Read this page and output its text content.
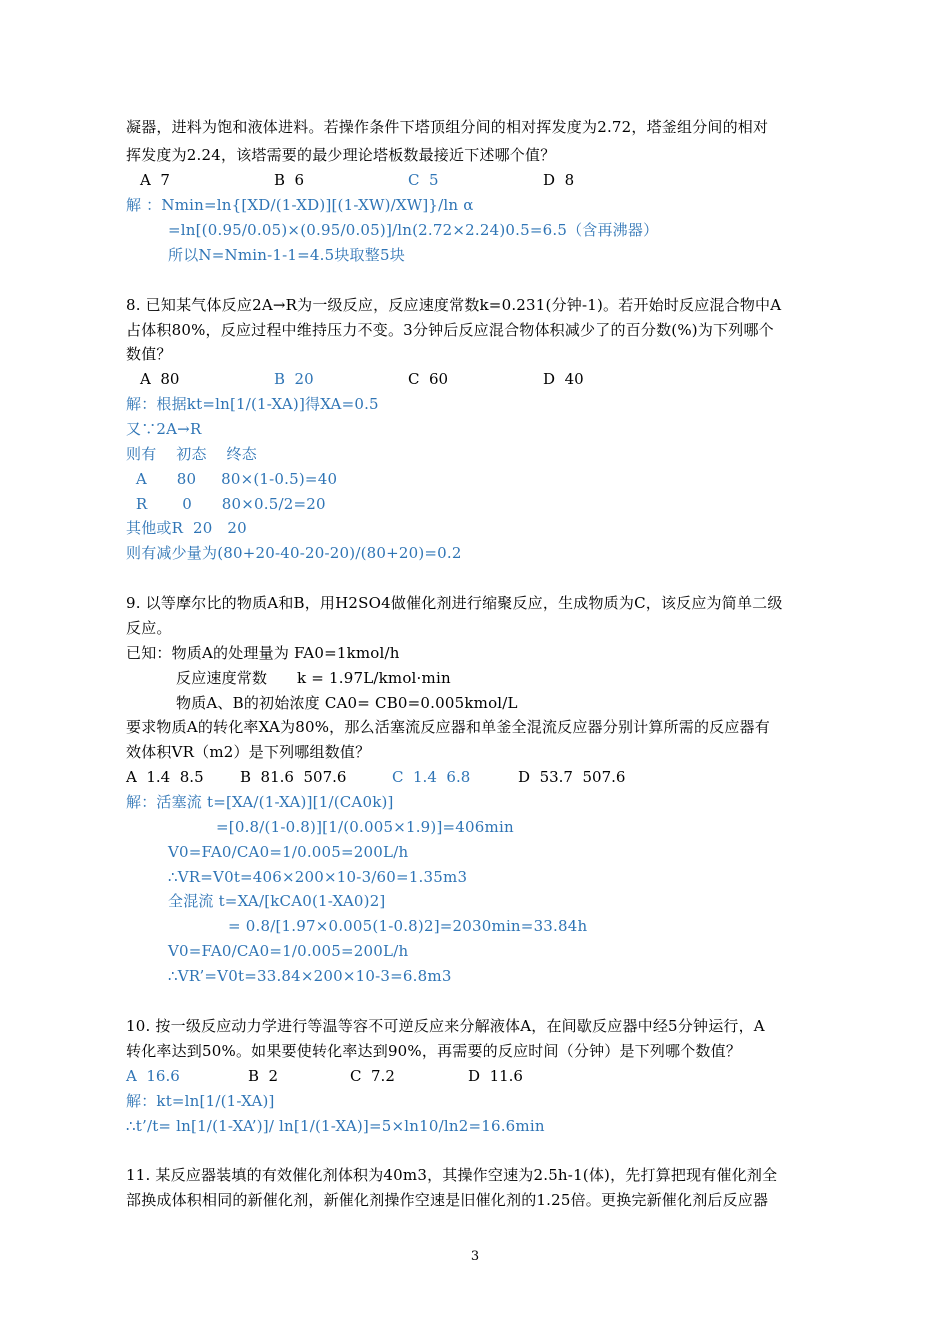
凝器，进料为饱和液体进料。若操作条件下塔顶组分间的相对挥发度为2.72，塔釜组分间的相对
挥发度为2.24，该塔需要的最少理论塔板数最接近下述哪个值？
A  7	B  6	C  5	D  8
解 ：Nmin=ln{[XD/(1-XD)][(1-XW)/XW]}/ln α
=ln[(0.95/0.05)×(0.95/0.05)]/ln(2.72×2.24)0.5=6.5（含再沸器）
所以N=Nmin-1-1=4.5块取整5块
8. 已知某气体反应2A→R为一级反应，反应速度常数k=0.231(分钟-1)。若开始时反应混合物中A
占体积80%，反应过程中维持压力不变。3分钟后反应混合物体积减少了的百分数(%)为下列哪个
数值？
A  80	B  20	C  60	D  40
解：根据kt=ln[1/(1-XA)]得XA=0.5
又∵2A→R
则有    初态    终态
A      80     80×(1-0.5)=40
R       0      80×0.5/2=20
其他或R  20   20
则有减少量为(80+20-40-20-20)/(80+20)=0.2
9. 以等摩尔比的物质A和B，用H2SO4做催化剂进行缩聚反应，生成物质为C，该反应为简单二级
反应。
已知：物质A的处理量为 FA0=1kmol/h
反应速度常数      k = 1.97L/kmol·min
物质A、B的初始浓度 CA0= CB0=0.005kmol/L
要求物质A的转化率XA为80%，那么活塞流反应器和单釜全混流反应器分别计算所需的反应器有
效体积VR（m2）是下列哪组数值？
A  1.4  8.5 B  81.6  507.6	C  1.4  6.8	D  53.7  507.6
解：活塞流 t=[XA/(1-XA)][1/(CA0k)]
=[0.8/(1-0.8)][1/(0.005×1.9)]=406min
V0=FA0/CA0=1/0.005=200L/h
∴VR=V0t=406×200×10-3/60=1.35m3
全混流 t=XA/[kCA0(1-XA0)2]
= 0.8/[1.97×0.005(1-0.8)2]=2030min=33.84h
V0=FA0/CA0=1/0.005=200L/h
∴VR’=V0t=33.84×200×10-3=6.8m3
10. 按一级反应动力学进行等温等容不可逆反应来分解液体A，在间歇反应器中经5分钟运行，A
转化率达到50%。如果要使转化率达到90%，再需要的反应时间（分钟）是下列哪个数值？
A  16.6	B  2	C  7.2	D  11.6
解：kt=ln[1/(1-XA)]
∴t’/t= ln[1/(1-XA’)]/ ln[1/(1-XA)]=5×ln10/ln2=16.6min
11. 某反应器装填的有效催化剂体积为40m3，其操作空速为2.5h-1(体)，先打算把现有催化剂全
部换成体积相同的新催化剂，新催化剂操作空速是旧催化剂的1.25倍。更换完新催化剂后反应器
3
